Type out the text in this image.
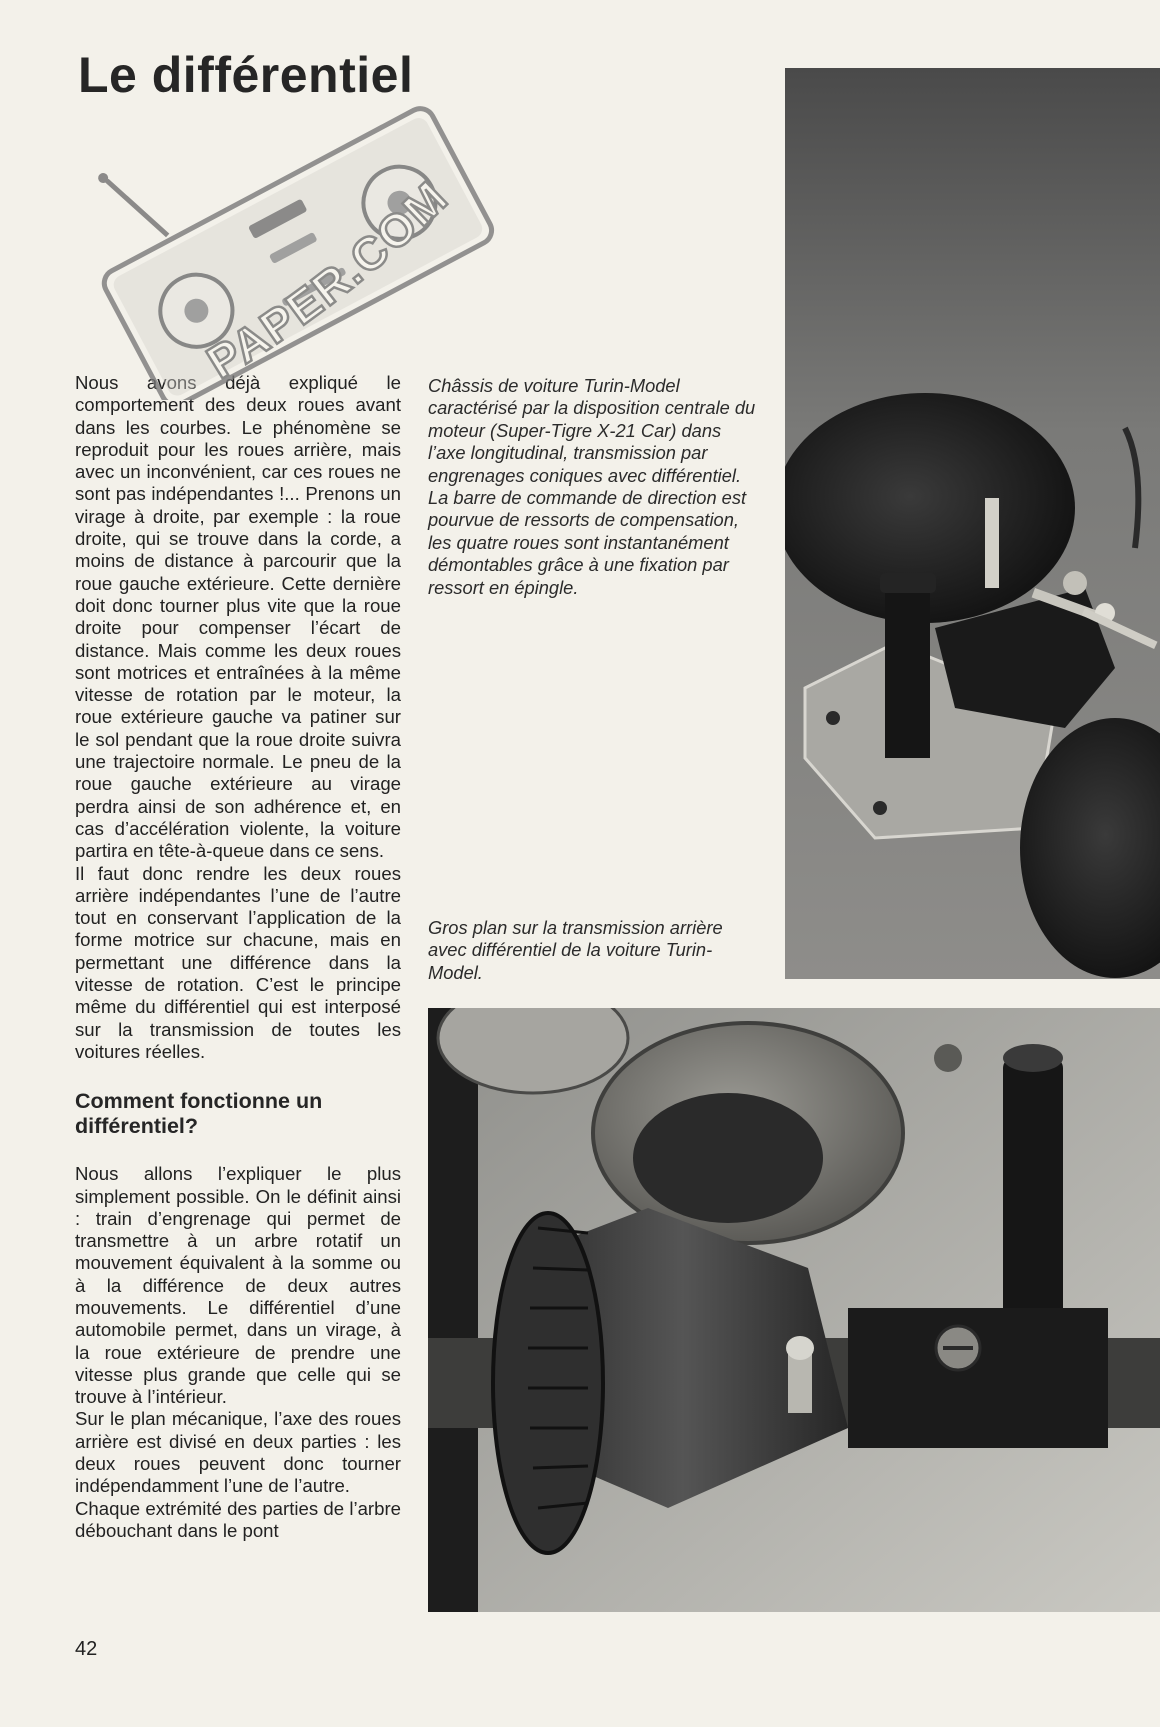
Le différentiel
PAPER.COM

Nous avons déjà expliqué le comportement des deux roues avant dans les courbes. Le phénomène se reproduit pour les roues arrière, mais avec un inconvénient, car ces roues ne sont pas indépendantes !... Prenons un virage à droite, par exemple : la roue droite, qui se trouve dans la corde, a moins de distance à parcourir que la roue gauche extérieure. Cette dernière doit donc tourner plus vite que la roue droite pour compenser l’écart de distance. Mais comme les deux roues sont motrices et entraînées à la même vitesse de rotation par le moteur, la roue extérieure gauche va patiner sur le sol pendant que la roue droite suivra une trajectoire normale. Le pneu de la roue gauche extérieure au virage perdra ainsi de son adhérence et, en cas d’accélération violente, la voiture partira en tête-à-queue dans ce sens.

Il faut donc rendre les deux roues arrière indépendantes l’une de l’autre tout en conservant l’application de la forme motrice sur chacune, mais en permettant une différence dans la vitesse de rotation. C’est le principe même du différentiel qui est interposé sur la transmission de toutes les voitures réelles.

Comment fonctionne un différentiel?

Nous allons l’expliquer le plus simplement possible. On le définit ainsi : train d’engrenage qui permet de transmettre à un arbre rotatif un mouvement équivalent à la somme ou à la différence de deux autres mouvements. Le différentiel d’une automobile permet, dans un virage, à la roue extérieure de prendre une vitesse plus grande que celle qui se trouve à l’intérieur.

Sur le plan mécanique, l’axe des roues arrière est divisé en deux parties : les deux roues peuvent donc tourner indépendamment l’une de l’autre.

Chaque extrémité des parties de l’arbre débouchant dans le pont

Châssis de voiture Turin-Model caractérisé par la disposition centrale du moteur (Super-Tigre X-21 Car) dans l’axe longitudinal, transmission par engrenages coniques avec différentiel. La barre de commande de direction est pourvue de ressorts de compensation, les quatre roues sont instantanément démontables grâce à une fixation par ressort en épingle.

Gros plan sur la transmission arrière avec différentiel de la voiture Turin-Model.

42
